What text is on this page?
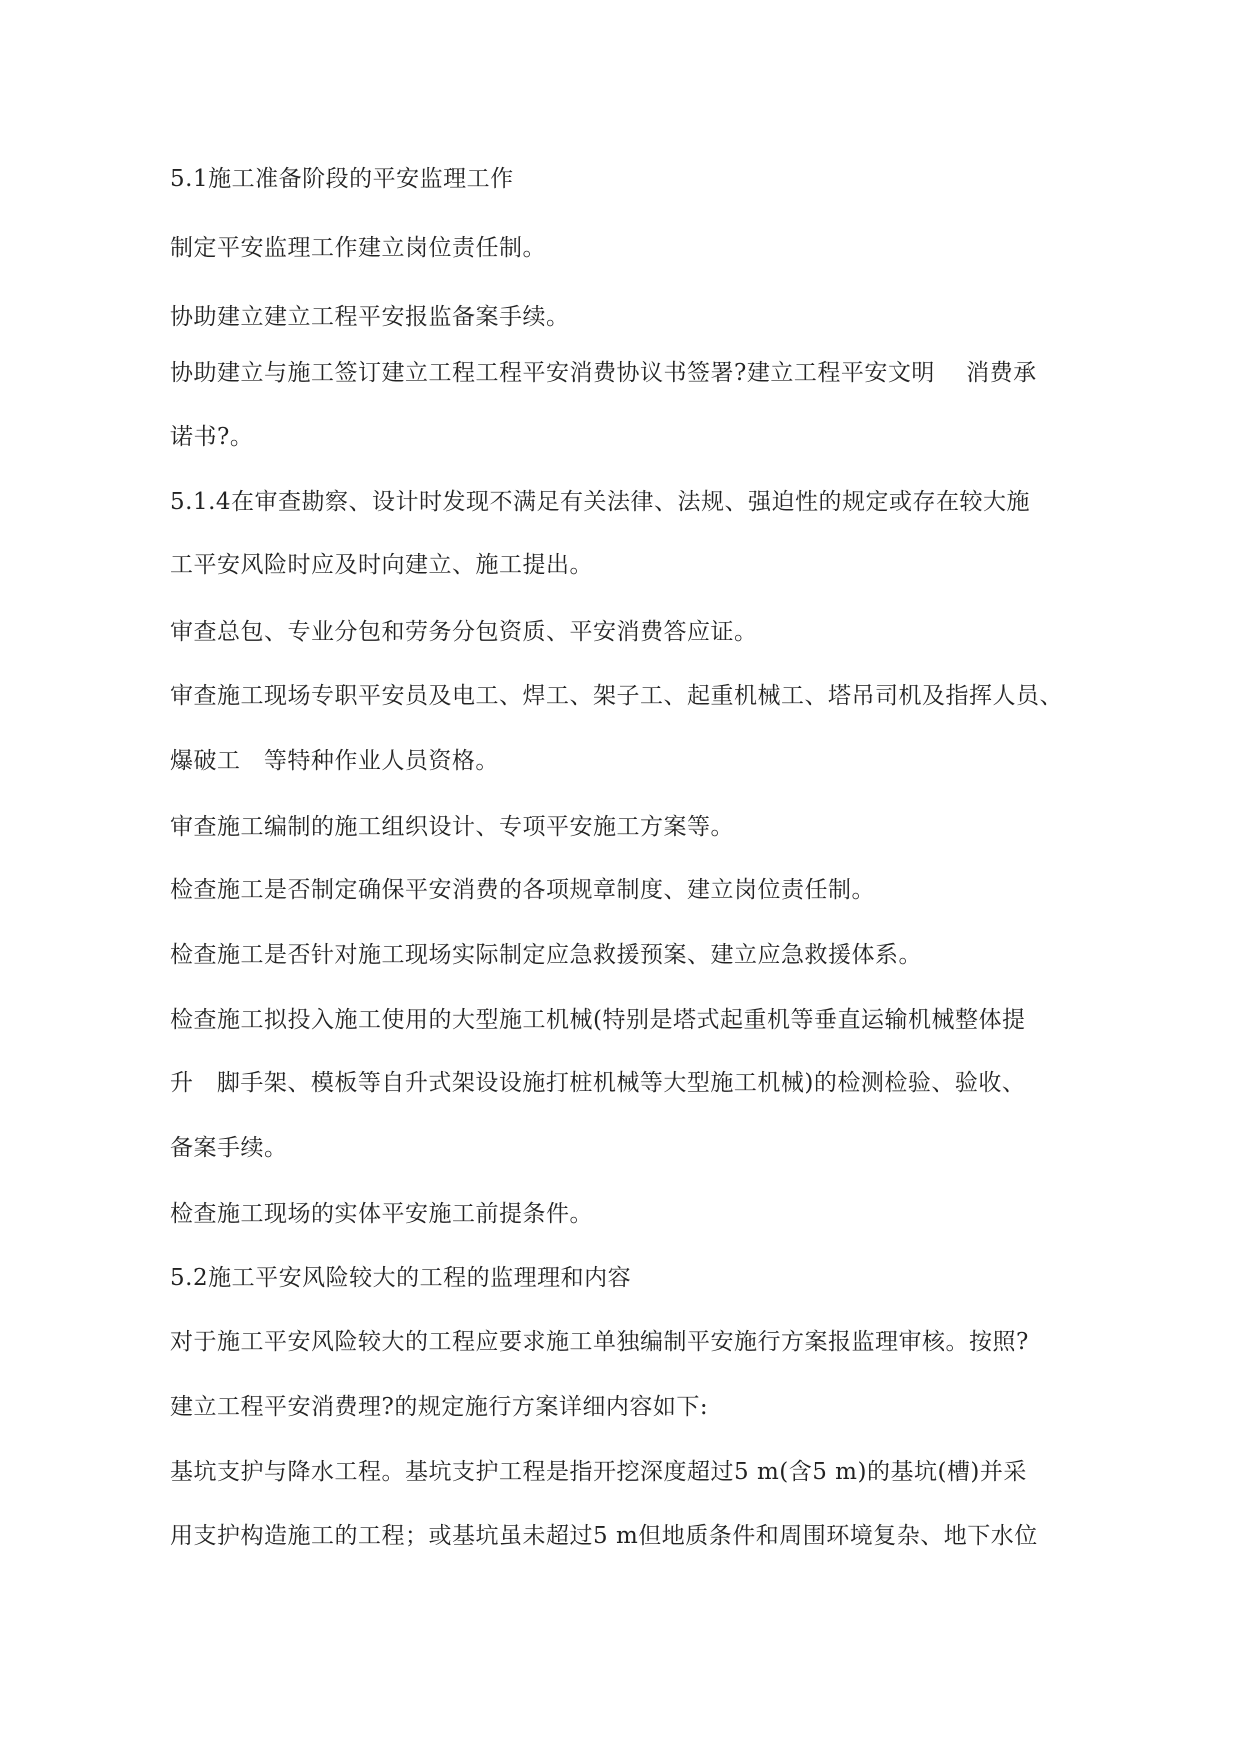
5.1施工准备阶段的平安监理工作
制定平安监理工作建立岗位责任制。
协助建立建立工程平安报监备案手续。
协助建立与施工签订建立工程工程平安消费协议书签署?建立工程平安文明    消费承
诺书?。
5.1.4在审查勘察、设计时发现不满足有关法律、法规、强迫性的规定或存在较大施
工平安风险时应及时向建立、施工提出。
审查总包、专业分包和劳务分包资质、平安消费答应证。
审查施工现场专职平安员及电工、焊工、架子工、起重机械工、塔吊司机及指挥人员、
爆破工   等特种作业人员资格。
审查施工编制的施工组织设计、专项平安施工方案等。
检查施工是否制定确保平安消费的各项规章制度、建立岗位责任制。
检查施工是否针对施工现场实际制定应急救援预案、建立应急救援体系。
检查施工拟投入施工使用的大型施工机械(特别是塔式起重机等垂直运输机械整体提
升   脚手架、模板等自升式架设设施打桩机械等大型施工机械)的检测检验、验收、
备案手续。
检查施工现场的实体平安施工前提条件。
5.2施工平安风险较大的工程的监理理和内容
对于施工平安风险较大的工程应要求施工单独编制平安施行方案报监理审核。按照?
建立工程平安消费理?的规定施行方案详细内容如下:
基坑支护与降水工程。基坑支护工程是指开挖深度超过5 m(含5 m)的基坑(槽)并采
用支护构造施工的工程；或基坑虽未超过5 m但地质条件和周围环境复杂、地下水位
